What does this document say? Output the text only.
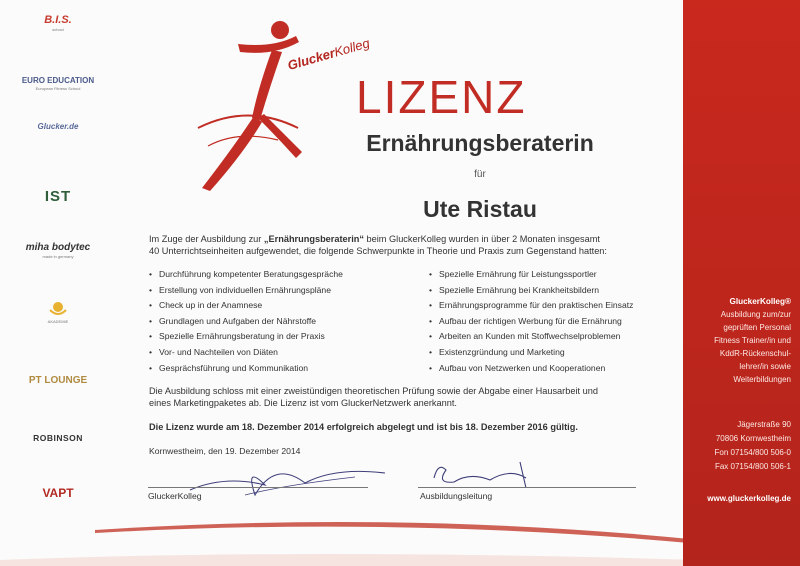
B.I.S.
school
EURO EDUCATION
European Fitness School
Glucker.de

IST
miha bodytec
made in germany
AKADEMIE
PT LOUNGE
ROBINSON
VAPT
GluckerKolleg
LIZENZ
Ernährungsberaterin
für
Ute Ristau
Im Zuge der Ausbildung zur „Ernährungsberaterin“ beim GluckerKolleg wurden in über 2 Monaten insgesamt
40 Unterrichtseinheiten aufgewendet, die folgende Schwerpunkte in Theorie und Praxis zum Gegenstand hatten:
• Durchführung kompetenter Beratungsgespräche
• Erstellung von individuellen Ernährungspläne
• Check up in der Anamnese
• Grundlagen und Aufgaben der Nährstoffe
• Spezielle Ernährungsberatung in der Praxis
• Vor- und Nachteilen von Diäten
• Gesprächsführung und Kommunikation
• Spezielle Ernährung für Leistungssportler
• Spezielle Ernährung bei Krankheitsbildern
• Ernährungsprogramme für den praktischen Einsatz
• Aufbau der richtigen Werbung für die Ernährung
• Arbeiten an Kunden mit Stoffwechselproblemen
• Existenzgründung und Marketing
• Aufbau von Netzwerken und Kooperationen
Die Ausbildung schloss mit einer zweistündigen theoretischen Prüfung sowie der Abgabe einer Hausarbeit und
eines Marketingpaketes ab. Die Lizenz ist vom GluckerNetzwerk anerkannt.
Die Lizenz wurde am 18. Dezember 2014 erfolgreich abgelegt und ist bis 18. Dezember 2016 gültig.
Kornwestheim, den 19. Dezember 2014
GluckerKolleg	Ausbildungsleitung
GluckerKolleg®
Ausbildung zum/zur
geprüften Personal
Fitness Trainer/in und
KddR-Rückenschul-
lehrer/in sowie
Weiterbildungen
Jägerstraße 90
70806 Kornwestheim
Fon 07154/800 506-0
Fax 07154/800 506-1
www.gluckerkolleg.de
